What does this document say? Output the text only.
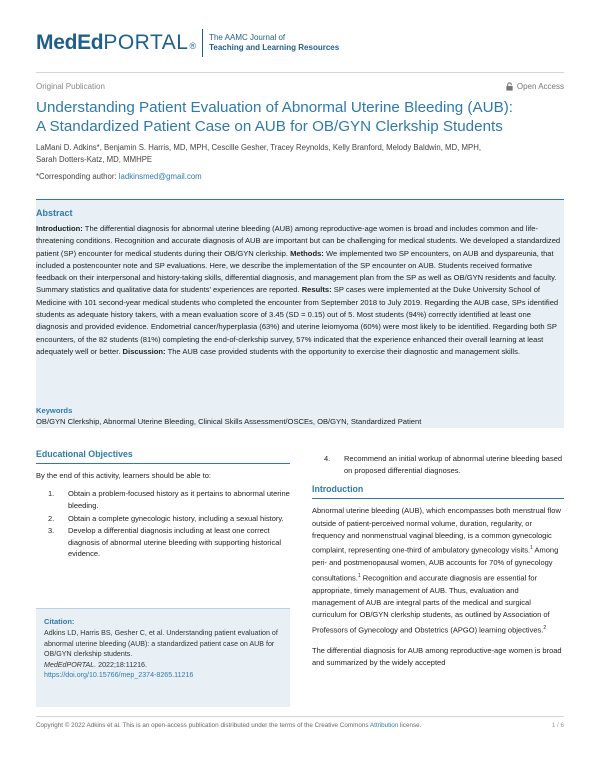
MedEd PORTAL ®
The AAMC Journal of
Teaching and Learning Resources
Original Publication	Open Access
Understanding Patient Evaluation of Abnormal Uterine Bleeding (AUB):
A Standardized Patient Case on AUB for OB/GYN Clerkship Students
LaMani D. Adkins*, Benjamin S. Harris, MD, MPH, Cescille Gesher, Tracey Reynolds, Kelly Branford, Melody Baldwin, MD, MPH,
Sarah Dotters-Katz, MD, MMHPE
*Corresponding author: ladkinsmed@gmail.com
Abstract
Introduction: The differential diagnosis for abnormal uterine bleeding (AUB) among reproductive-age women is broad and includes common and life-threatening conditions. Recognition and accurate diagnosis of AUB are important but can be challenging for medical students. We developed a standardized patient (SP) encounter for medical students during their OB/GYN clerkship. Methods: We implemented two SP encounters, on AUB and dyspareunia, that included a postencounter note and SP evaluations. Here, we describe the implementation of the SP encounter on AUB. Students received formative feedback on their interpersonal and history-taking skills, differential diagnosis, and management plan from the SP as well as OB/GYN residents and faculty. Summary statistics and qualitative data for students' experiences are reported. Results: SP cases were implemented at the Duke University School of Medicine with 101 second-year medical students who completed the encounter from September 2018 to July 2019. Regarding the AUB case, SPs identified students as adequate history takers, with a mean evaluation score of 3.45 (SD = 0.15) out of 5. Most students (94%) correctly identified at least one diagnosis and provided evidence. Endometrial cancer/hyperplasia (63%) and uterine leiomyoma (60%) were most likely to be identified. Regarding both SP encounters, of the 82 students (81%) completing the end-of-clerkship survey, 57% indicated that the experience enhanced their overall learning at least adequately well or better. Discussion: The AUB case provided students with the opportunity to exercise their diagnostic and management skills.
Keywords
OB/GYN Clerkship, Abnormal Uterine Bleeding, Clinical Skills Assessment/OSCEs, OB/GYN, Standardized Patient
Educational Objectives

By the end of this activity, learners should be able to:

1.	Obtain a problem-focused history as it pertains to abnormal uterine bleeding.
2.	Obtain a complete gynecologic history, including a sexual history.
3.	Develop a differential diagnosis including at least one correct diagnosis of abnormal uterine bleeding with supporting historical evidence.
Citation:
Adkins LD, Harris BS, Gesher C, et al. Understanding patient evaluation of abnormal uterine bleeding (AUB): a standardized patient case on AUB for OB/GYN clerkship students.
MedEdPORTAL. 2022;18:11216.
https://doi.org/10.15766/mep_2374-8265.11216
4.	Recommend an initial workup of abnormal uterine bleeding based on proposed differential diagnoses.
Introduction

Abnormal uterine bleeding (AUB), which encompasses both menstrual flow outside of patient-perceived normal volume, duration, regularity, or frequency and nonmenstrual vaginal bleeding, is a common gynecologic complaint, representing one-third of ambulatory gynecology visits.$^1$ Among peri- and postmenopausal women, AUB accounts for 70% of gynecology consultations.$^1$ Recognition and accurate diagnosis are essential for appropriate, timely management of AUB. Thus, evaluation and management of AUB are integral parts of the medical and surgical curriculum for OB/GYN clerkship students, as outlined by Association of Professors of Gynecology and Obstetrics (APGO) learning objectives.$^2$

The differential diagnosis for AUB among reproductive-age women is broad and summarized by the widely accepted

Copyright © 2022 Adkins et al. This is an open-access publication distributed under the terms of the Creative Commons Attribution license.	1 / 6
